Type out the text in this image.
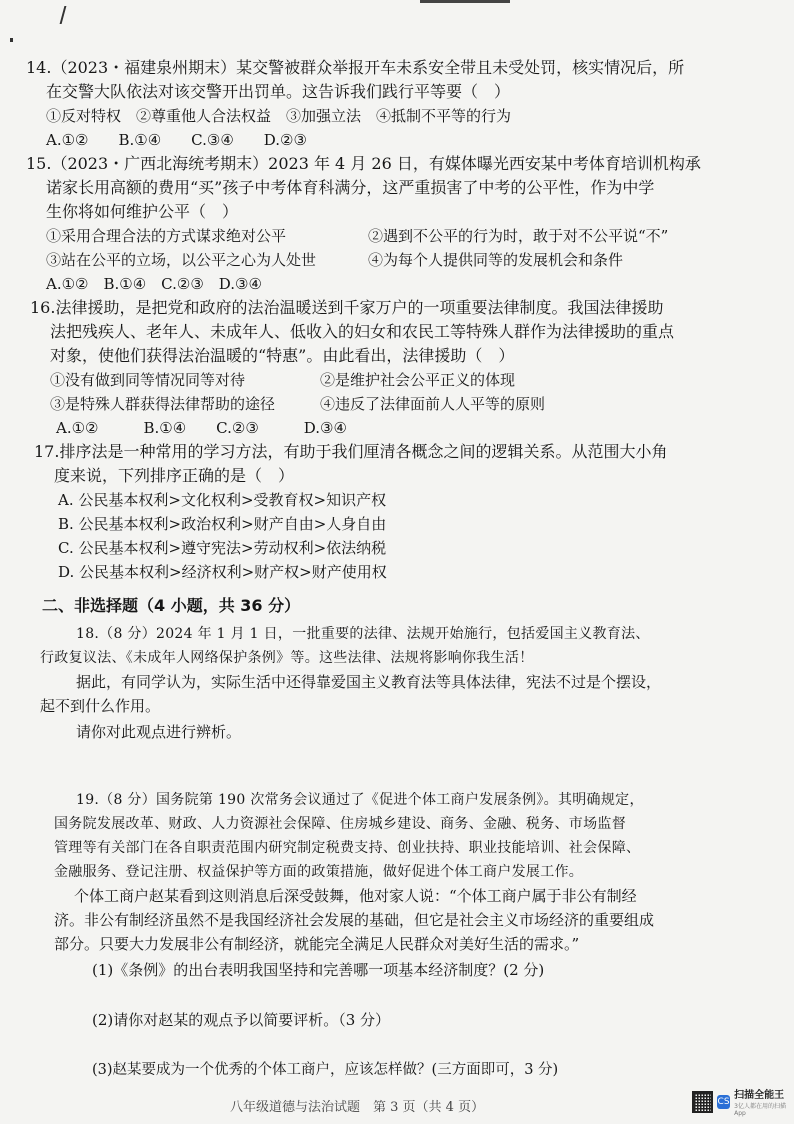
14.（2023・福建泉州期末）某交警被群众举报开车未系安全带且未受处罚，核实情况后，所
在交警大队依法对该交警开出罚单。这告诉我们践行平等要（　）
①反对特权　②尊重他人合法权益　③加强立法　④抵制不平等的行为
A.①②　　B.①④　　C.③④　　D.②③
15.（2023・广西北海统考期末）2023 年 4 月 26 日，有媒体曝光西安某中考体育培训机构承
诺家长用高额的费用“买”孩子中考体育科满分，这严重损害了中考的公平性，作为中学
生你将如何维护公平（　）
①采用合理合法的方式谋求绝对公平	②遇到不公平的行为时，敢于对不公平说“不”
③站在公平的立场，以公平之心为人处世	④为每个人提供同等的发展机会和条件
A.①②　B.①④　C.②③　D.③④
16.法律援助，是把党和政府的法治温暖送到千家万户的一项重要法律制度。我国法律援助
法把残疾人、老年人、未成年人、低收入的妇女和农民工等特殊人群作为法律援助的重点
对象，使他们获得法治温暖的“特惠”。由此看出，法律援助（　）
①没有做到同等情况同等对待	②是维护社会公平正义的体现
③是特殊人群获得法律帮助的途径	④违反了法律面前人人平等的原则
A.①②　　　B.①④　　C.②③　　　D.③④
17.排序法是一种常用的学习方法，有助于我们厘清各概念之间的逻辑关系。从范围大小角
度来说，下列排序正确的是（　）
A. 公民基本权利>文化权利>受教育权>知识产权
B. 公民基本权利>政治权利>财产自由>人身自由
C. 公民基本权利>遵守宪法>劳动权利>依法纳税
D. 公民基本权利>经济权利>财产权>财产使用权
二、非选择题（4 小题，共 36 分）
18.（8 分）2024 年 1 月 1 日，一批重要的法律、法规开始施行，包括爱国主义教育法、
行政复议法、《未成年人网络保护条例》等。这些法律、法规将影响你我生活！
据此，有同学认为，实际生活中还得靠爱国主义教育法等具体法律，宪法不过是个摆设，
起不到什么作用。
请你对此观点进行辨析。
19.（8 分）国务院第 190 次常务会议通过了《促进个体工商户发展条例》。其明确规定，
国务院发展改革、财政、人力资源社会保障、住房城乡建设、商务、金融、税务、市场监督
管理等有关部门在各自职责范围内研究制定税费支持、创业扶持、职业技能培训、社会保障、
金融服务、登记注册、权益保护等方面的政策措施，做好促进个体工商户发展工作。
个体工商户赵某看到这则消息后深受鼓舞，他对家人说：“个体工商户属于非公有制经
济。非公有制经济虽然不是我国经济社会发展的基础，但它是社会主义市场经济的重要组成
部分。只要大力发展非公有制经济，就能完全满足人民群众对美好生活的需求。”
(1)《条例》的出台表明我国坚持和完善哪一项基本经济制度？(2 分)
(2)请你对赵某的观点予以简要评析。（3 分）
(3)赵某要成为一个优秀的个体工商户，应该怎样做？(三方面即可，3 分)
八年级道德与法治试题　第 3 页（共 4 页）	CS
扫描全能王
3亿人都在用的扫描App
